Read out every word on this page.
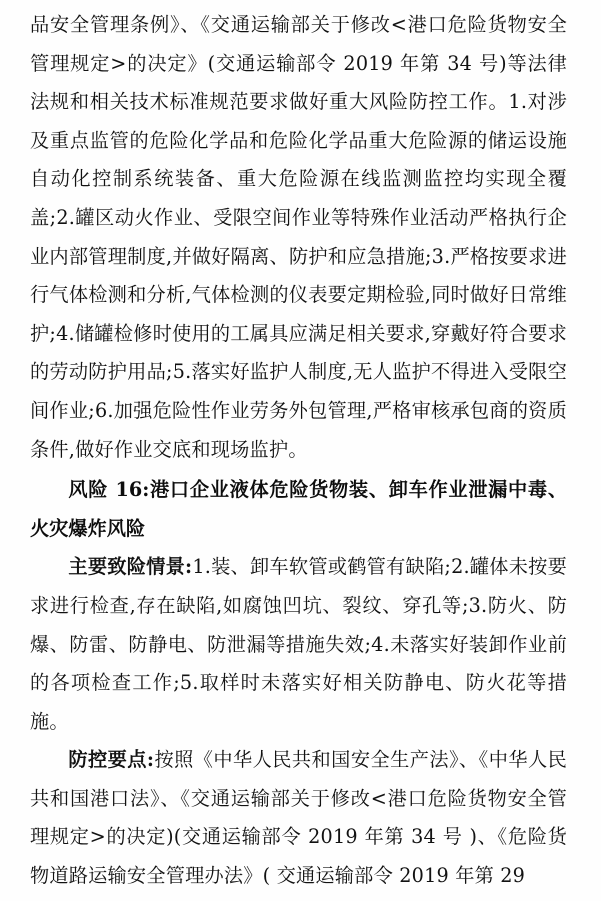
品安全管理条例》、《交通运输部关于修改<港口危险货物安全管理规定>的决定》(交通运输部令 2019 年第 34 号)等法律法规和相关技术标准规范要求做好重大风险防控工作。1.对涉及重点监管的危险化学品和危险化学品重大危险源的储运设施自动化控制系统装备、重大危险源在线监测监控均实现全覆盖;2.罐区动火作业、受限空间作业等特殊作业活动严格执行企业内部管理制度,并做好隔离、防护和应急措施;3.严格按要求进行气体检测和分析,气体检测的仪表要定期检验,同时做好日常维护;4.储罐检修时使用的工属具应满足相关要求,穿戴好符合要求的劳动防护用品;5.落实好监护人制度,无人监护不得进入受限空间作业;6.加强危险性作业劳务外包管理,严格审核承包商的资质条件,做好作业交底和现场监护。

风险 16:港口企业液体危险货物装、卸车作业泄漏中毒、火灾爆炸风险

主要致险情景:1.装、卸车软管或鹤管有缺陷;2.罐体未按要求进行检查,存在缺陷,如腐蚀凹坑、裂纹、穿孔等;3.防火、防爆、防雷、防静电、防泄漏等措施失效;4.未落实好装卸作业前的各项检查工作;5.取样时未落实好相关防静电、防火花等措施。

防控要点:按照《中华人民共和国安全生产法》、《中华人民共和国港口法》、《交通运输部关于修改<港口危险货物安全管理规定>的决定)(交通运输部令 2019 年第 34 号 )、《危险货物道路运输安全管理办法》( 交通运输部令 2019 年第 29
